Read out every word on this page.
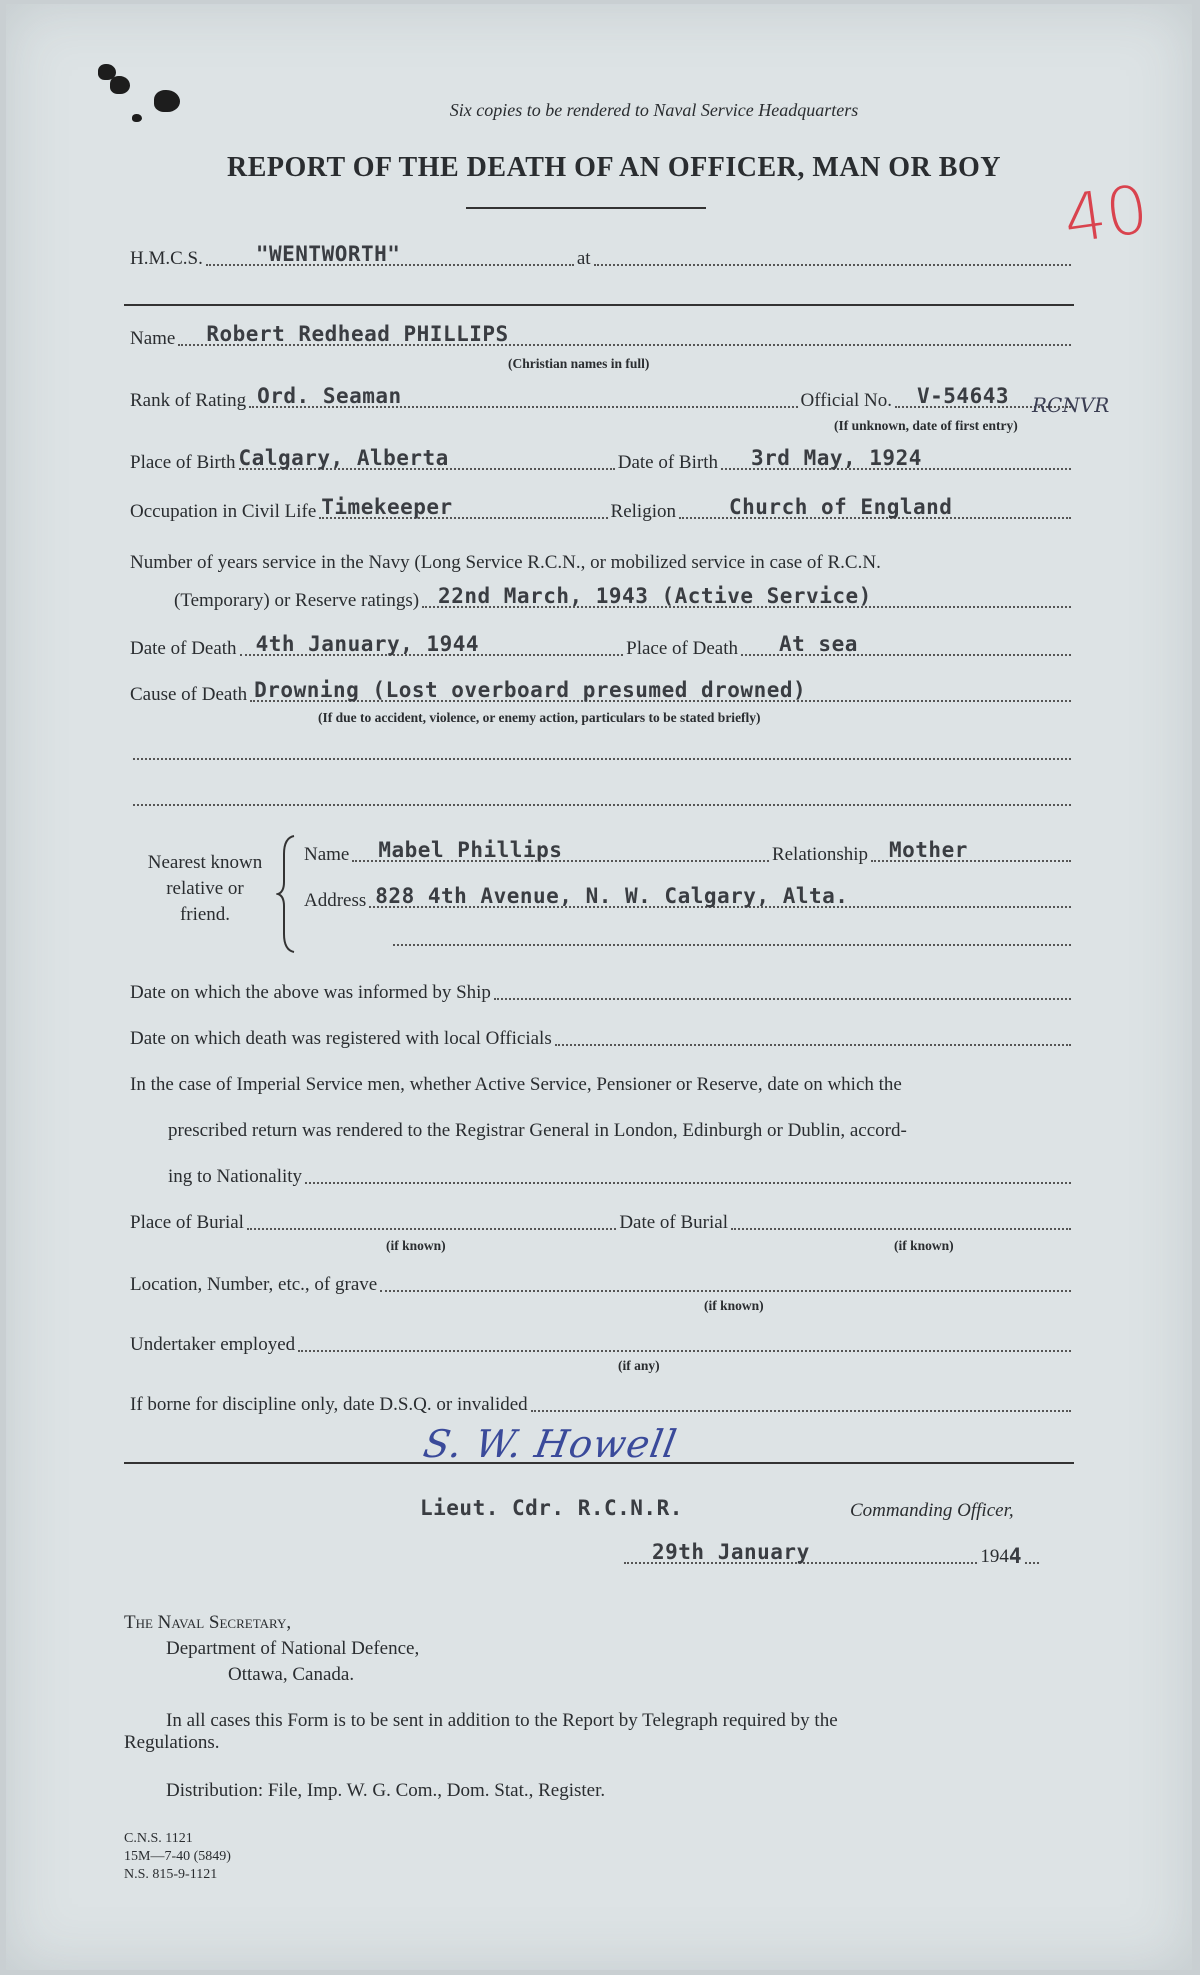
Six copies to be rendered to Naval Service Headquarters
REPORT OF THE DEATH OF AN OFFICER, MAN OR BOY
40
H.M.C.S.	"WENTWORTH"	at
Name Robert Redhead PHILLIPS
(Christian names in full)
Rank of Rating Ord. Seaman	Official No. V-54643 RCNVR
(If unknown, date of first entry)
Place of Birth Calgary, Alberta	Date of Birth 3rd May, 1924
Occupation in Civil Life Timekeeper	Religion	Church of England
Number of years service in the Navy (Long Service R.C.N., or mobilized service in case of R.C.N.
(Temporary) or Reserve ratings) 22nd March, 1943 (Active Service)
Date of Death 4th January, 1944	Place of Death At sea
Cause of Death Drowning (Lost overboard presumed drowned)
(If due to accident, violence, or enemy action, particulars to be stated briefly)
Nearest known
relative or
friend.
Name Mabel Phillips	Relationship Mother
Address 828 4th Avenue, N. W. Calgary, Alta.
Date on which the above was informed by Ship
Date on which death was registered with local Officials
In the case of Imperial Service men, whether Active Service, Pensioner or Reserve, date on which the
prescribed return was rendered to the Registrar General in London, Edinburgh or Dublin, accord-
ing to Nationality
Place of Burial	Date of Burial
(if known)	(if known)
Location, Number, etc., of grave
(if known)
Undertaker employed
(if any)
If borne for discipline only, date D.S.Q. or invalided
S. W. Howell
Lieut. Cdr. R.C.N.R.	Commanding Officer,
29th January	194 4
The Naval Secretary,
Department of National Defence,
Ottawa, Canada.
In all cases this Form is to be sent in addition to the Report by Telegraph required by the
Regulations.
Distribution: File, Imp. W. G. Com., Dom. Stat., Register.
C.N.S. 1121
15M—7-40 (5849)
N.S. 815-9-1121
